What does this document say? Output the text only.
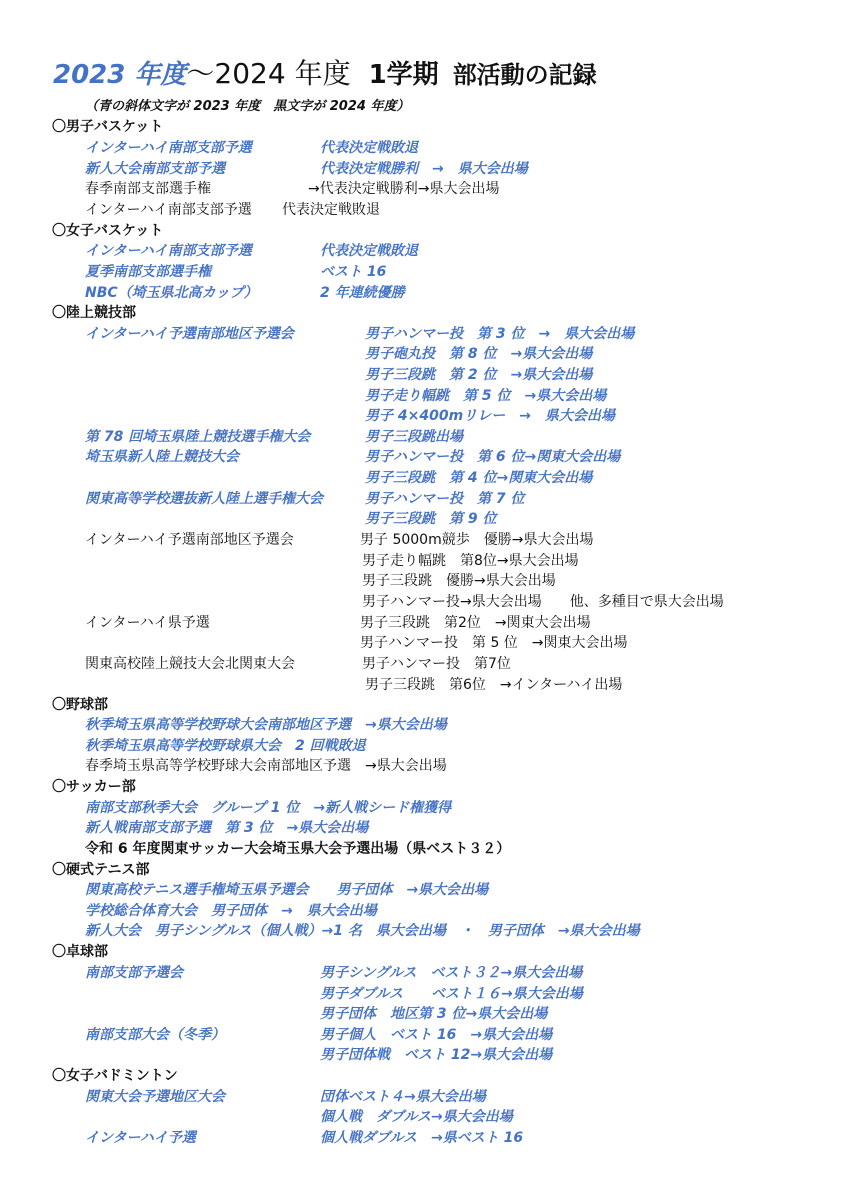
2023 年度～2024 年度 1学期 部活動の記録
（青の斜体文字が 2023 年度　黒文字が 2024 年度）
〇男子バスケット
インターハイ南部支部予選	代表決定戦敗退
新人大会南部支部予選	代表決定戦勝利　→　県大会出場
春季南部支部選手権	→代表決定戦勝利→県大会出場
インターハイ南部支部予選 代表決定戦敗退
〇女子バスケット
インターハイ南部支部予選	代表決定戦敗退
夏季南部支部選手権	ベスト 16
NBC（埼玉県北高カップ）	2 年連続優勝
〇陸上競技部
インターハイ予選南部地区予選会	男子ハンマー投　第 3 位　→　県大会出場
男子砲丸投　第 8 位　→県大会出場
男子三段跳　第 2 位　→県大会出場
男子走り幅跳　第 5 位　→県大会出場
男子 4×400mリレー　→　県大会出場
第 78 回埼玉県陸上競技選手権大会	男子三段跳出場
埼玉県新人陸上競技大会	男子ハンマー投　第 6 位→関東大会出場
男子三段跳　第 4 位→関東大会出場
関東高等学校選抜新人陸上選手権大会	男子ハンマー投　第 7 位
男子三段跳　第 9 位
インターハイ予選南部地区予選会	男子 5000m競歩　優勝→県大会出場
男子走り幅跳　第8位→県大会出場
男子三段跳　優勝→県大会出場
男子ハンマー投→県大会出場　　他、多種目で県大会出場
インターハイ県予選	男子三段跳　第2位　→関東大会出場
男子ハンマー投　第 5 位　→関東大会出場
関東高校陸上競技大会北関東大会	男子ハンマー投　第7位
男子三段跳　第6位　→インターハイ出場
〇野球部
秋季埼玉県高等学校野球大会南部地区予選　→県大会出場
秋季埼玉県高等学校野球県大会　2 回戦敗退
春季埼玉県高等学校野球大会南部地区予選　→県大会出場
〇サッカー部
南部支部秋季大会　グループ 1 位　→新人戦シード権獲得
新人戦南部支部予選　第 3 位　→県大会出場
令和 6 年度関東サッカー大会埼玉県大会予選出場（県ベスト３２）
〇硬式テニス部
関東高校テニス選手権埼玉県予選会　　男子団体　→県大会出場
学校総合体育大会　男子団体　→　県大会出場
新人大会　男子シングルス（個人戦）→1 名　県大会出場　・　男子団体　→県大会出場
〇卓球部
南部支部予選会	男子シングルス　ベスト３２→県大会出場
男子ダブルス　　ベスト１６→県大会出場
男子団体　地区第 3 位→県大会出場
南部支部大会（冬季）	男子個人　ベスト 16　→県大会出場
男子団体戦　ベスト 12→県大会出場
〇女子バドミントン
関東大会予選地区大会	団体ベスト４→県大会出場
個人戦　ダブルス→県大会出場
インターハイ予選	個人戦ダブルス　→県ベスト 16
